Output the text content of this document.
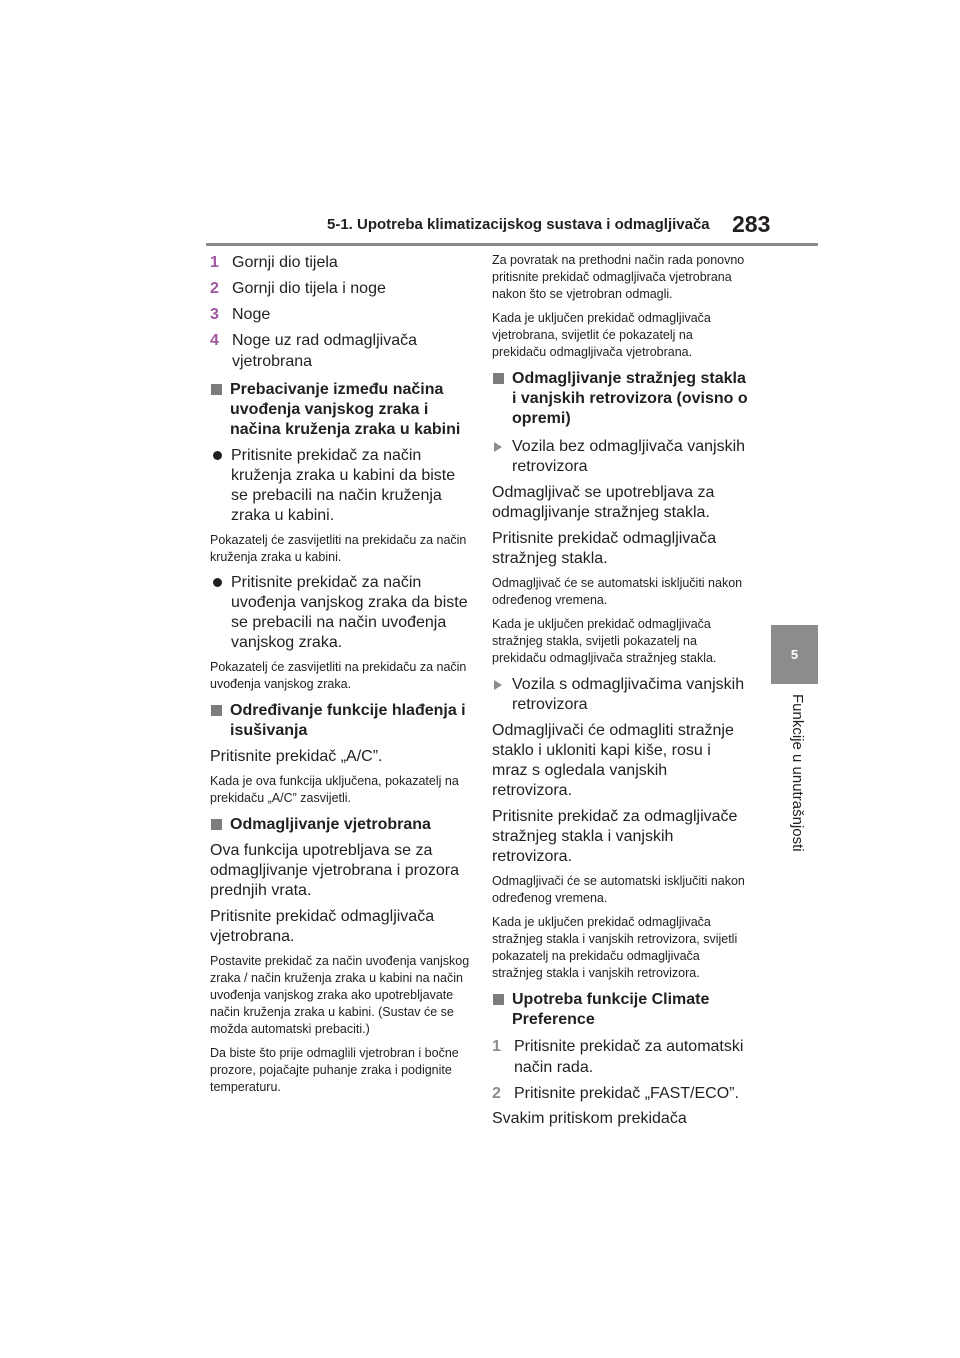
5-1. Upotreba klimatizacijskog sustava i odmagljivača 283
5
Funkcije u unutrašnjosti
1 Gornji dio tijela
2 Gornji dio tijela i noge
3 Noge
4 Noge uz rad odmagljivača vjetrobrana
Prebacivanje između načina uvođenja vanjskog zraka i načina kruženja zraka u kabini
Pritisnite prekidač za način kruženja zraka u kabini da biste se prebacili na način kruženja zraka u kabini.

Pokazatelj će zasvijetliti na prekidaču za način kruženja zraka u kabini.

Pritisnite prekidač za način uvođenja vanjskog zraka da biste se prebacili na način uvođenja vanjskog zraka.

Pokazatelj će zasvijetliti na prekidaču za način uvođenja vanjskog zraka.

Određivanje funkcije hlađenja i isušivanja

Pritisnite prekidač „A/C”.

Kada je ova funkcija uključena, pokazatelj na prekidaču „A/C” zasvijetli.

Odmagljivanje vjetrobrana

Ova funkcija upotrebljava se za odmagljivanje vjetrobrana i prozora prednjih vrata.

Pritisnite prekidač odmagljivača vjetrobrana.

Postavite prekidač za način uvođenja vanjskog zraka / način kruženja zraka u kabini na način uvođenja vanjskog zraka ako upotrebljavate način kruženja zraka u kabini. (Sustav će se možda automatski prebaciti.)

Da biste što prije odmaglili vjetrobran i bočne prozore, pojačajte puhanje zraka i podignite temperaturu.

Za povratak na prethodni način rada ponovno pritisnite prekidač odmagljivača vjetrobrana nakon što se vjetrobran odmagli.

Kada je uključen prekidač odmagljivača vjetrobrana, svijetlit će pokazatelj na prekidaču odmagljivača vjetrobrana.

Odmagljivanje stražnjeg stakla i vanjskih retrovizora (ovisno o opremi)
Vozila bez odmagljivača vanjskih retrovizora

Odmagljivač se upotrebljava za odmagljivanje stražnjeg stakla.

Pritisnite prekidač odmagljivača stražnjeg stakla.

Odmagljivač će se automatski isključiti nakon određenog vremena.

Kada je uključen prekidač odmagljivača stražnjeg stakla, svijetli pokazatelj na prekidaču odmagljivača stražnjeg stakla.

Vozila s odmagljivačima vanjskih retrovizora

Odmagljivači će odmagliti stražnje staklo i ukloniti kapi kiše, rosu i mraz s ogledala vanjskih retrovizora.

Pritisnite prekidač za odmagljivače stražnjeg stakla i vanjskih retrovizora.

Odmagljivači će se automatski isključiti nakon određenog vremena.

Kada je uključen prekidač odmagljivača stražnjeg stakla i vanjskih retrovizora, svijetli pokazatelj na prekidaču odmagljivača stražnjeg stakla i vanjskih retrovizora.

Upotreba funkcije Climate Preference
1 Pritisnite prekidač za automatski način rada.
2 Pritisnite prekidač „FAST/ECO”.

Svakim pritiskom prekidača
